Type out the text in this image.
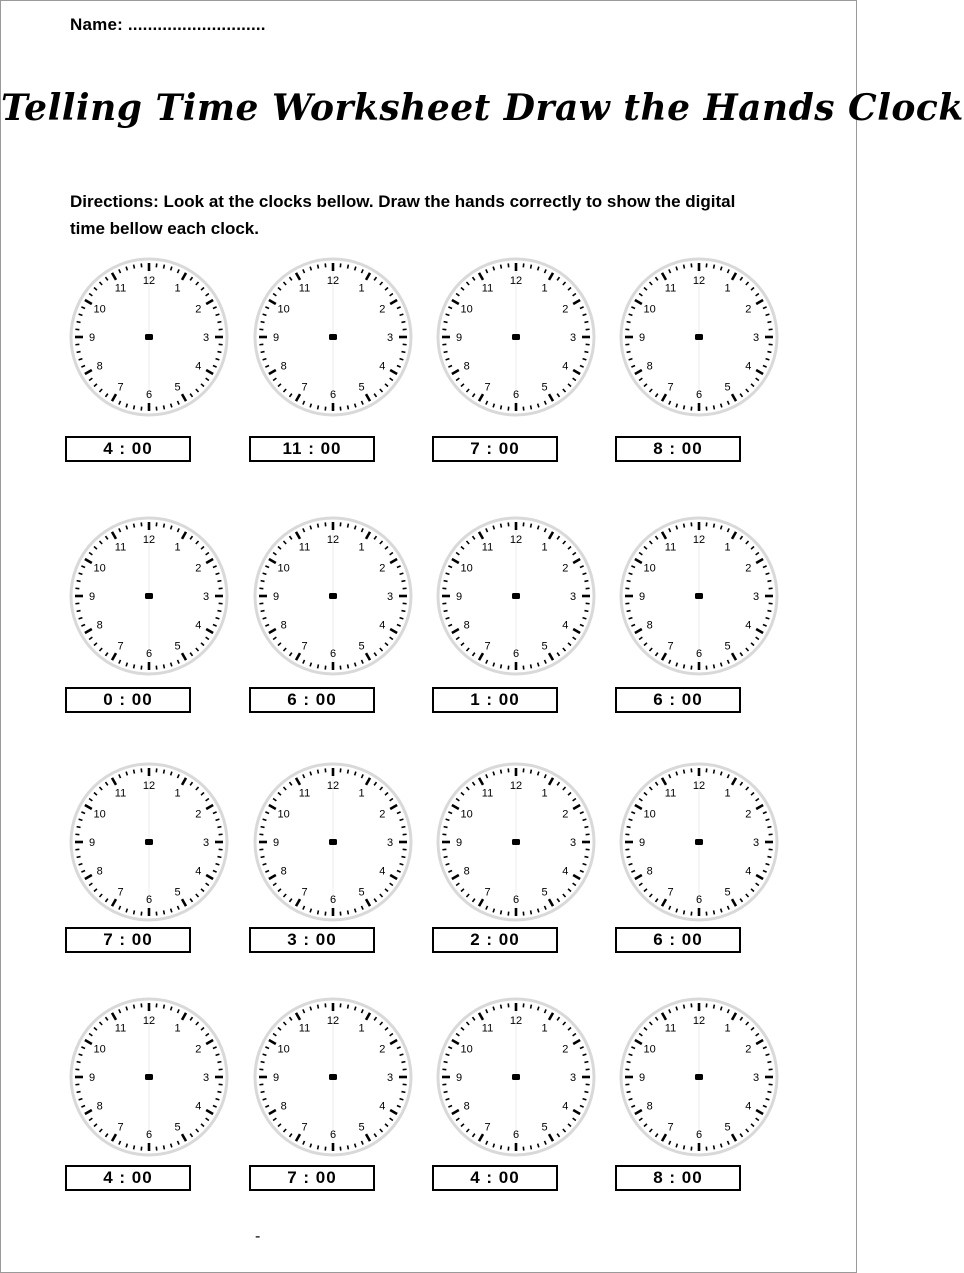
Name: ............................

Telling Time Worksheet Draw the Hands Clock

Directions: Look at the clocks bellow. Draw the hands correctly to show the digital time bellow each clock.

12
1
2
3
4
5
6
7
8
9
10
11
4 : 00
12
1
2
3
4
5
6
7
8
9
10
11
11 : 00
12
1
2
3
4
5
6
7
8
9
10
11
7 : 00
12
1
2
3
4
5
6
7
8
9
10
11
8 : 00
12
1
2
3
4
5
6
7
8
9
10
11
0 : 00
12
1
2
3
4
5
6
7
8
9
10
11
6 : 00
12
1
2
3
4
5
6
7
8
9
10
11
1 : 00
12
1
2
3
4
5
6
7
8
9
10
11
6 : 00
12
1
2
3
4
5
6
7
8
9
10
11
7 : 00
12
1
2
3
4
5
6
7
8
9
10
11
3 : 00
12
1
2
3
4
5
6
7
8
9
10
11
2 : 00
12
1
2
3
4
5
6
7
8
9
10
11
6 : 00
12
1
2
3
4
5
6
7
8
9
10
11
4 : 00
12
1
2
3
4
5
6
7
8
9
10
11
7 : 00
12
1
2
3
4
5
6
7
8
9
10
11
4 : 00
12
1
2
3
4
5
6
7
8
9
10
11
8 : 00

-
